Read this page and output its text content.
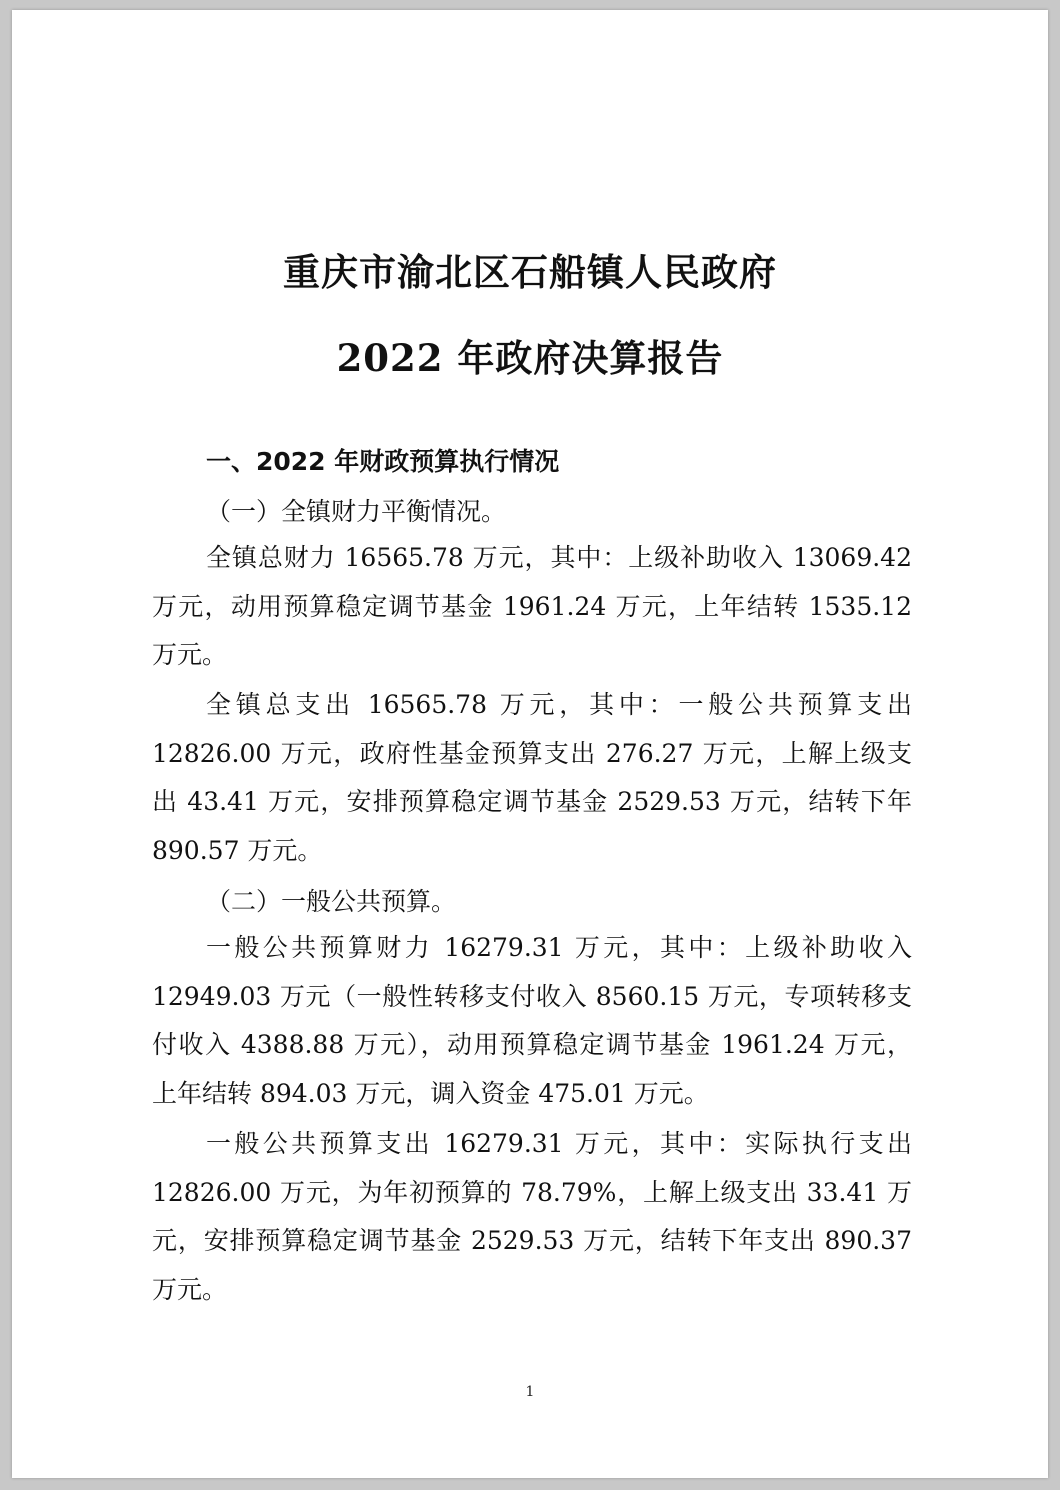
重庆市渝北区石船镇人民政府
2022 年政府决算报告
一、2022 年财政预算执行情况
（一）全镇财力平衡情况。
全镇总财力 16565.78 万元，其中：上级补助收入 13069.42
万元，动用预算稳定调节基金 1961.24 万元，上年结转 1535.12
万元。
全镇总支出 16565.78 万元，其中：一般公共预算支出
12826.00 万元，政府性基金预算支出 276.27 万元，上解上级支
出 43.41 万元，安排预算稳定调节基金 2529.53 万元，结转下年
890.57 万元。
（二）一般公共预算。
一般公共预算财力 16279.31 万元，其中：上级补助收入
12949.03 万元（一般性转移支付收入 8560.15 万元，专项转移支
付收入 4388.88 万元），动用预算稳定调节基金 1961.24 万元，
上年结转 894.03 万元，调入资金 475.01 万元。
一般公共预算支出 16279.31 万元，其中：实际执行支出
12826.00 万元，为年初预算的 78.79%，上解上级支出 33.41 万
元，安排预算稳定调节基金 2529.53 万元，结转下年支出 890.37
万元。
1
